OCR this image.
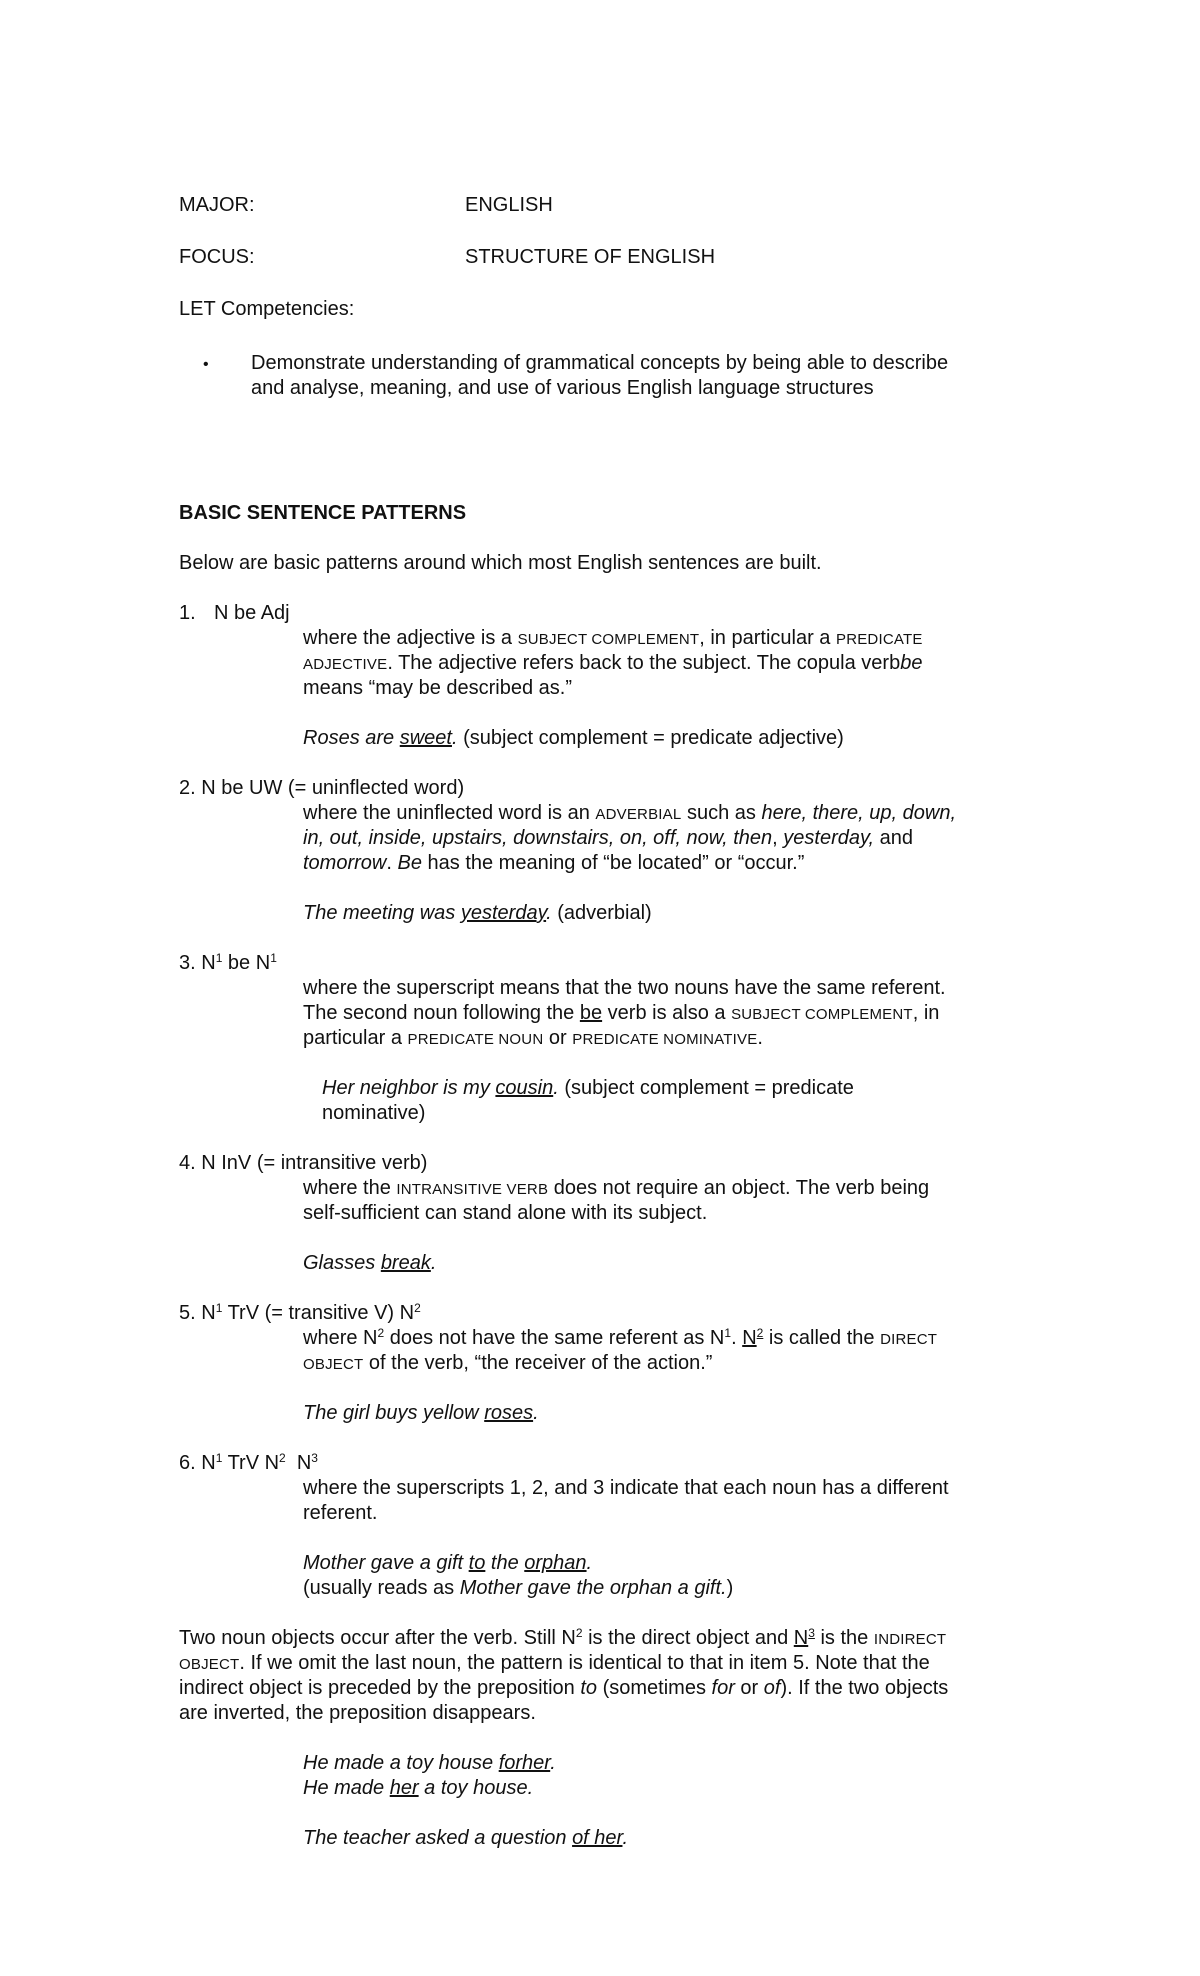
MAJOR:	ENGLISH
FOCUS:	STRUCTURE OF ENGLISH
LET Competencies:
• Demonstrate understanding of grammatical concepts by being able to describe
and analyse, meaning, and use of various English language structures
BASIC SENTENCE PATTERNS
Below are basic patterns around which most English sentences are built.
1. N be Adj
where the adjective is a SUBJECT COMPLEMENT, in particular a PREDICATE
ADJECTIVE. The adjective refers back to the subject. The copula verbbe
means “may be described as.”
Roses are sweet. (subject complement = predicate adjective)
2. N be UW (= uninflected word)
where the uninflected word is an ADVERBIAL such as here, there, up, down,
in, out, inside, upstairs, downstairs, on, off, now, then, yesterday, and
tomorrow. Be has the meaning of “be located” or “occur.”
The meeting was yesterday. (adverbial)
3. $N^1$ be $N^1$
where the superscript means that the two nouns have the same referent.
The second noun following the be verb is also a SUBJECT COMPLEMENT, in
particular a PREDICATE NOUN or PREDICATE NOMINATIVE.
Her neighbor is my cousin. (subject complement = predicate
nominative)
4. N InV (= intransitive verb)
where the INTRANSITIVE VERB does not require an object. The verb being
self-sufficient can stand alone with its subject.
Glasses break.
5. $N^1$ TrV (= transitive V) $N^2$
where $N^2$ does not have the same referent as $N^1$. $N^2$ is called the DIRECT
OBJECT of the verb, “the receiver of the action.”
The girl buys yellow roses.
6. $N^1$ TrV $N^2$  $N^3$
where the superscripts 1, 2, and 3 indicate that each noun has a different
referent.
Mother gave a gift to the orphan.
(usually reads as Mother gave the orphan a gift.)
Two noun objects occur after the verb. Still $N^2$ is the direct object and $N^3$ is the INDIRECT
OBJECT. If we omit the last noun, the pattern is identical to that in item 5. Note that the
indirect object is preceded by the preposition to (sometimes for or of). If the two objects
are inverted, the preposition disappears.
He made a toy house forher.
He made her a toy house.
The teacher asked a question of her.
